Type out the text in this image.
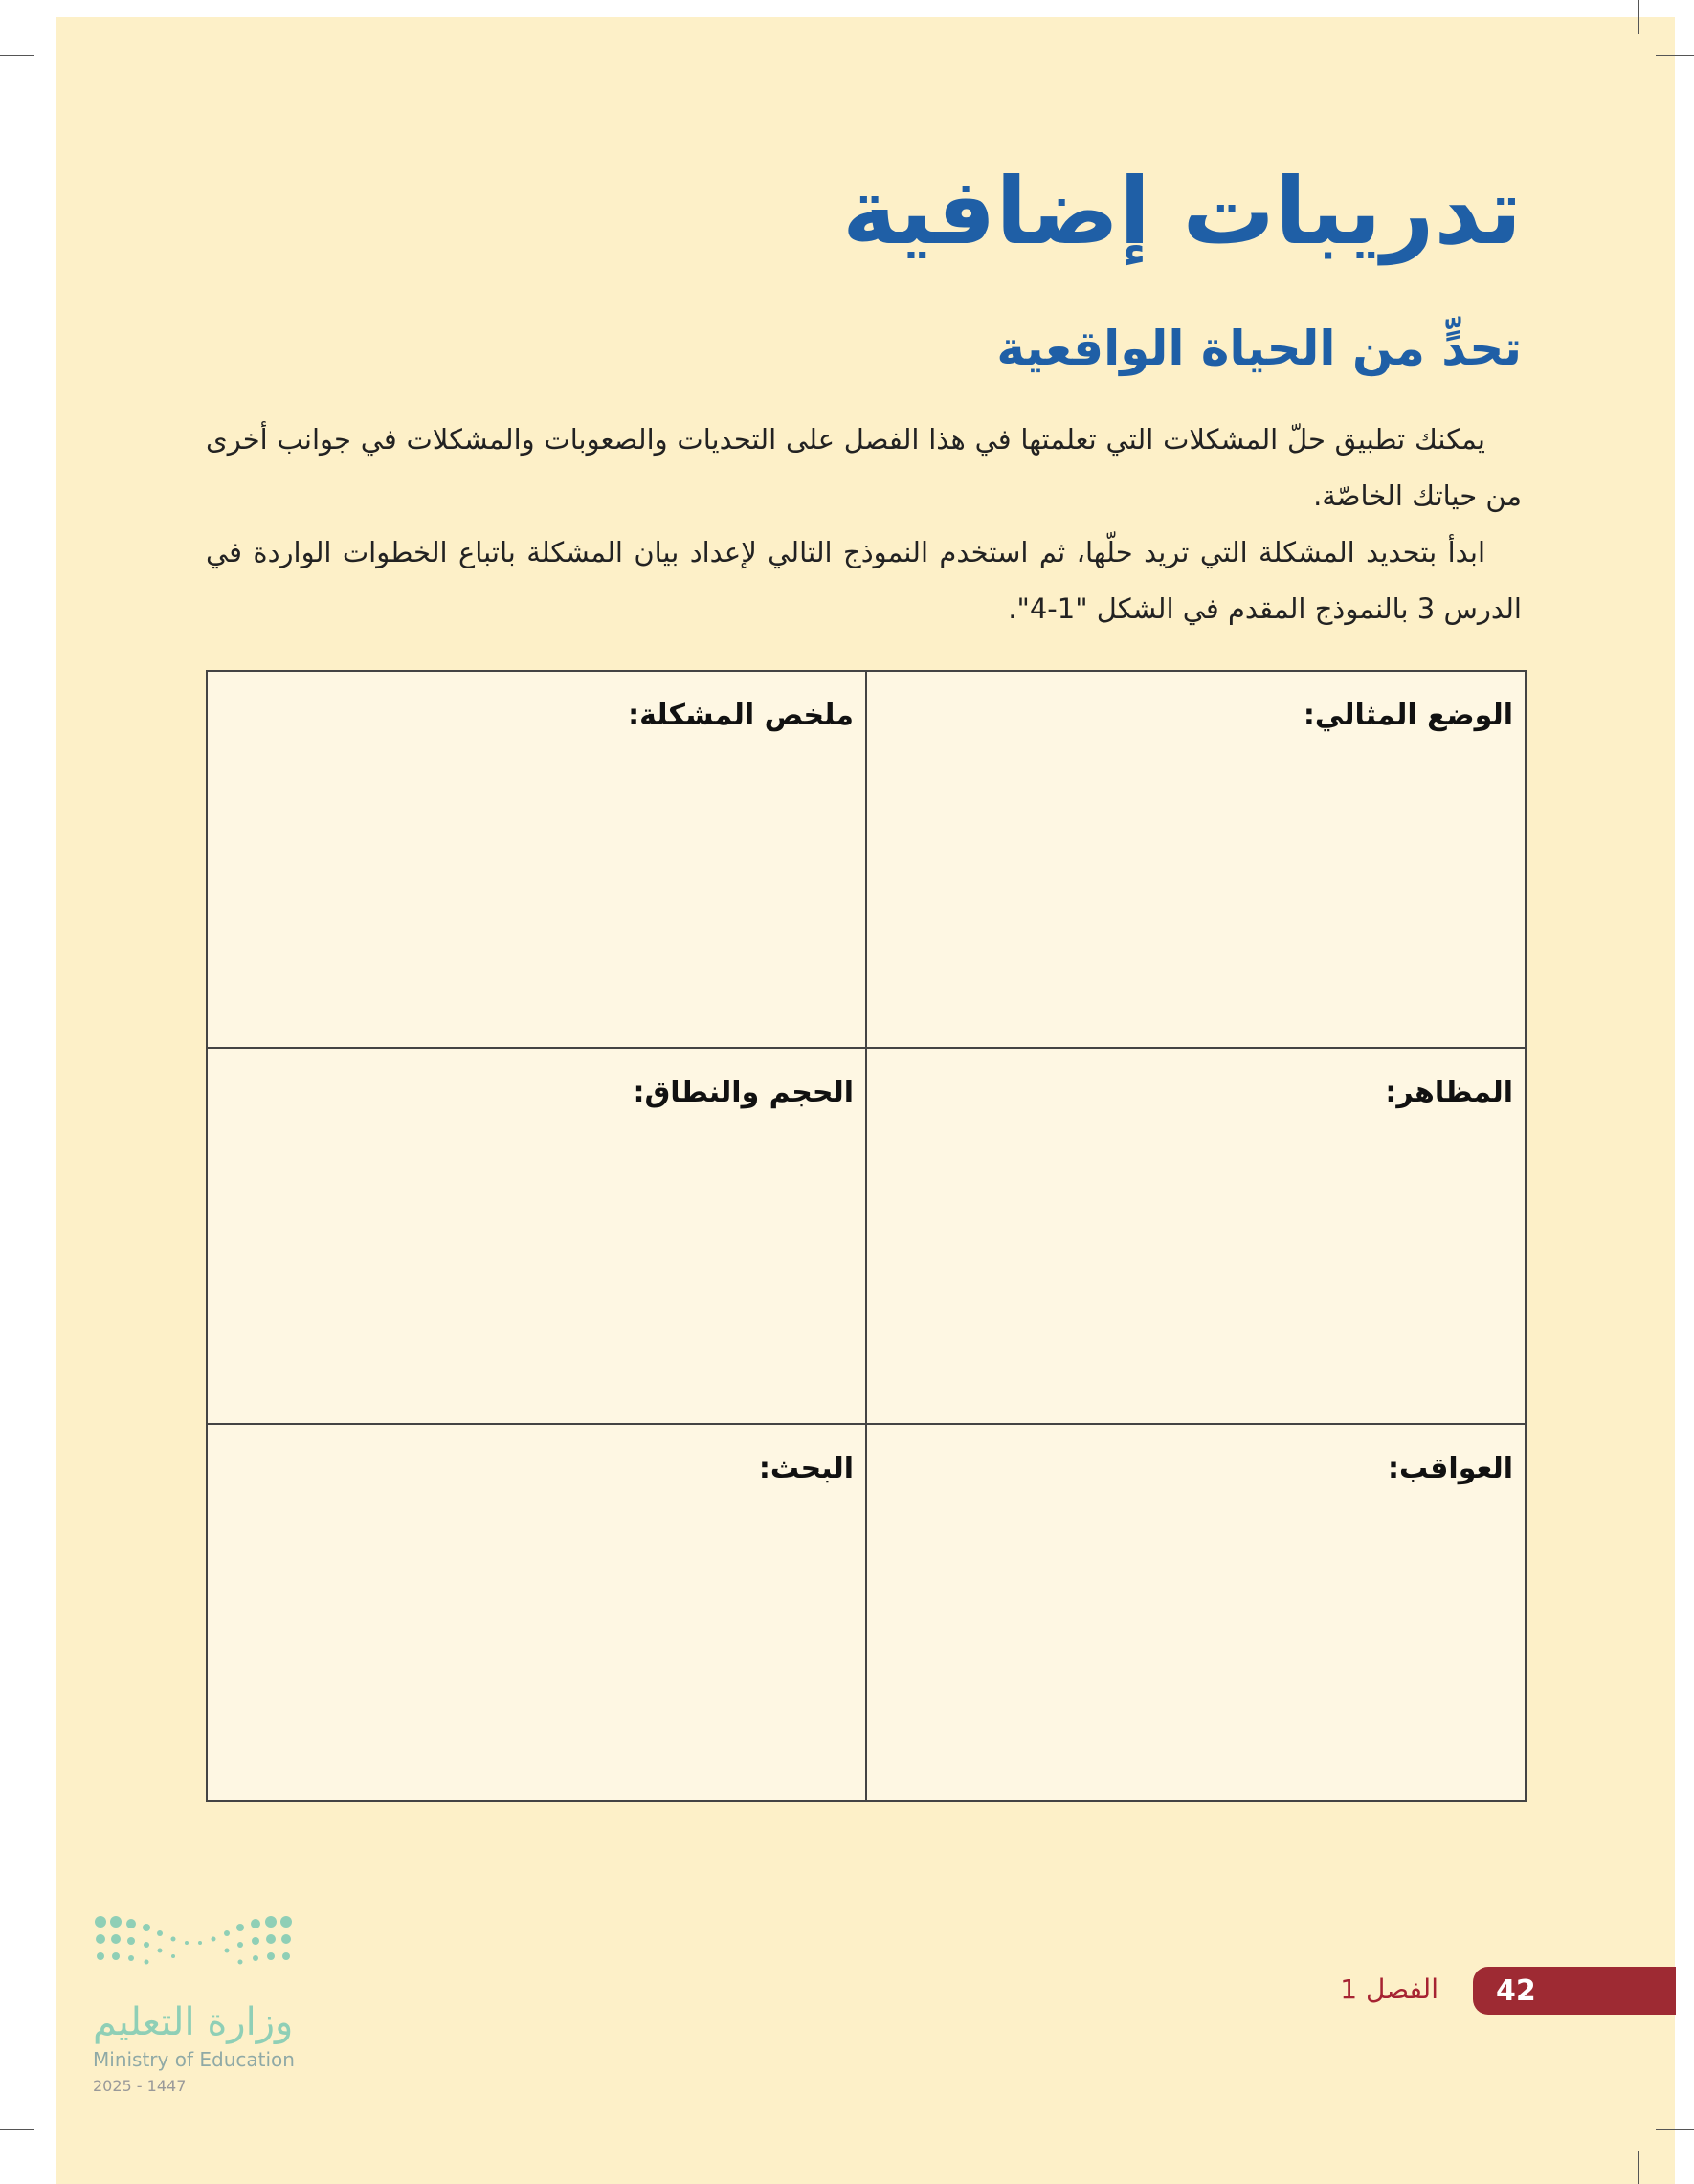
تدريبات إضافية
تحدٍّ من الحياة الواقعية

يمكنك تطبيق حلّ المشكلات التي تعلمتها في هذا الفصل على التحديات والصعوبات والمشكلات في جوانب أخرى من حياتك الخاصّة.

ابدأ بتحديد المشكلة التي تريد حلّها، ثم استخدم النموذج التالي لإعداد بيان المشكلة باتباع الخطوات الواردة في الدرس 3 بالنموذج المقدم في الشكل "1-4".

الوضع المثالي:
ملخص المشكلة:
المظاهر:
الحجم والنطاق:
العواقب:
البحث:
وزارة التعليم
Ministry of Education
2025 - 1447
الفصل 1 42
